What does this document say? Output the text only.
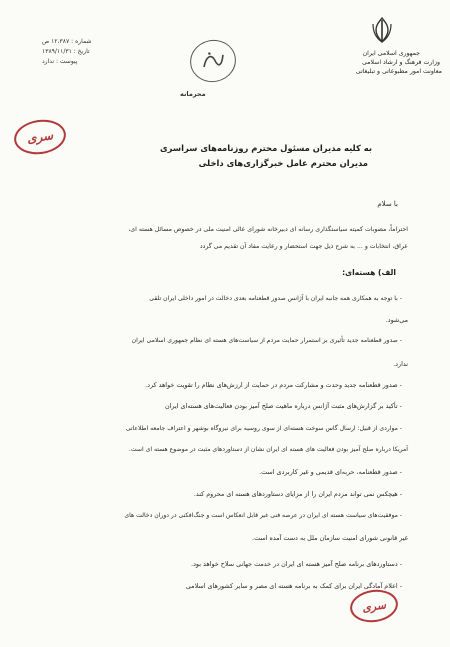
جمهوری اسلامی ایران
وزارت فرهنگ و ارشاد اسلامی
معاونت امور مطبوعاتی و تبلیغاتی
شماره : ۱۲،۳۸۷ ص
تاریخ : ۱۳۸۹/۱۱/۳۱
پیوست : ندارد
محرمانه
سری
به کلیه مدیران مسئول محترم روزنامه‌های سراسری
مدیران محترم عامل خبرگزاری‌های داخلی
با سلام
احتراماً، مصوبات کمیته سیاستگذاری رسانه ای دبیرخانه شورای عالی امنیت ملی در خصوص مسائل هسته ای،
عراق، انتخابات و ... به شرح ذیل جهت استحضار و رعایت مفاد آن تقدیم می گردد
الف) هسته‌ای:
- با توجه به همکاری همه جانبه ایران با آژانس صدور قطعنامه بعدی دخالت در امور داخلی ایران تلقی
می‌شود.
- صدور قطعنامه جدید تأثیری بر استمرار حمایت مردم از سیاست‌های هسته ای نظام جمهوری اسلامی ایران
ندارد.
- صدور قطعنامه جدید وحدت و مشارکت مردم در حمایت از ارزش‌های نظام را تقویت خواهد کرد.
- تأکید بر گزارش‌های مثبت آژانس درباره ماهیت صلح آمیز بودن فعالیت‌های هسته‌ای ایران
- مواردی از قبیل: ارسال گاس سوخت هسته‌ای از سوی روسیه برای نیروگاه بوشهر و اعتراف جامعه اطلاعاتی
آمریکا درباره صلح آمیز بودن فعالیت های هسته ای ایران نشان از دستاوردهای مثبت در موضوع هسته ای است.
- صدور قطعنامه، حربه‌ای قدیمی و غیر کاربردی است.
- هیچکس نمی تواند مردم ایران را از مزایای دستاوردهای هسته ای محروم کند.
- موفقیت‌های سیاست هسته ای ایران در عرصه فنی غیر قابل انعکاس است و جنگ‌افکنی در دوران دخالت های
غیر قانونی شورای امنیت سازمان ملل به دست آمده است.
- دستاوردهای برنامه صلح آمیز هسته ای ایران در خدمت جهانی سلاح خواهد بود.
- اعلام آمادگی ایران برای کمک به برنامه هسته ای مصر و سایر کشورهای اسلامی
سری
